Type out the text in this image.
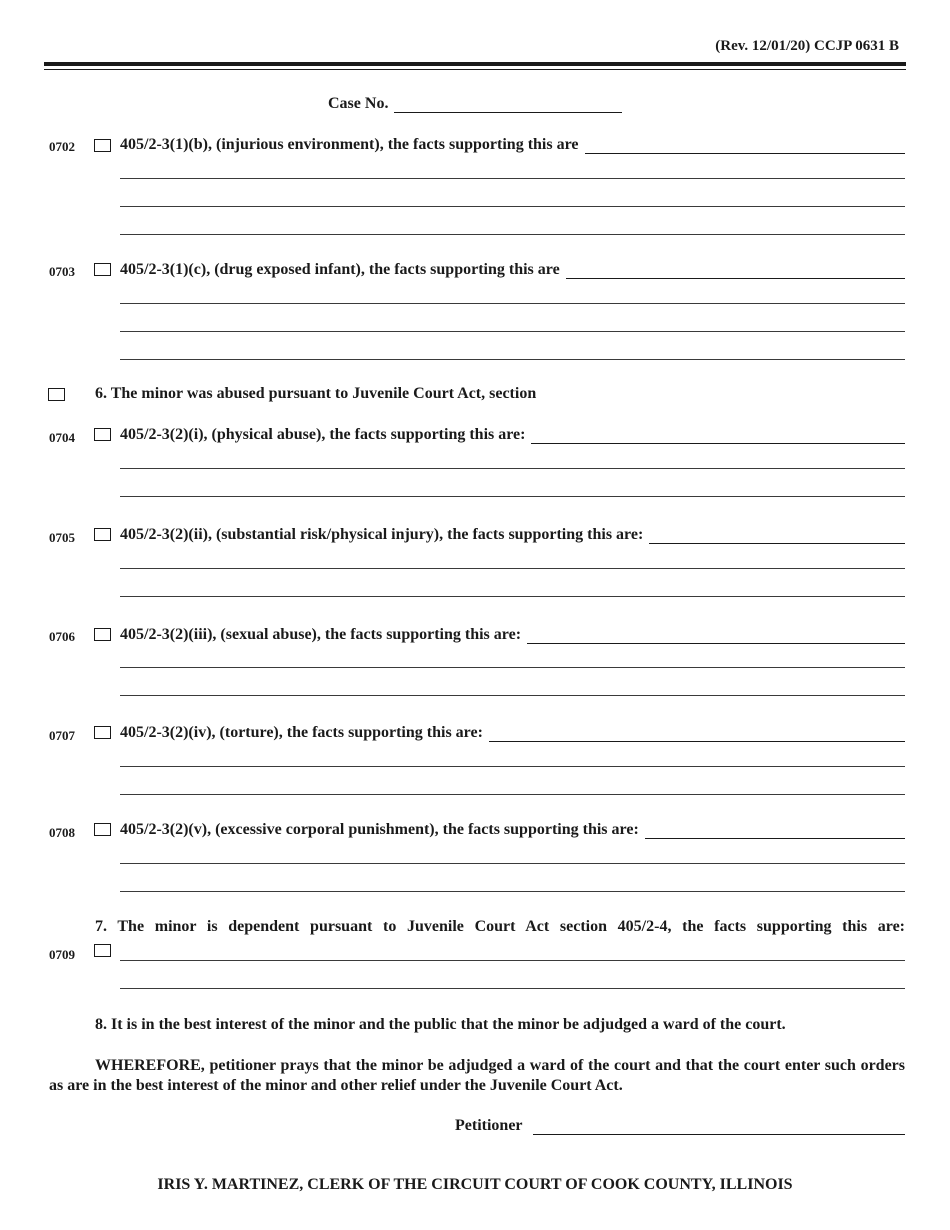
(Rev. 12/01/20) CCJP 0631 B
Case No.
0702	405/2-3(1)(b), (injurious environment), the facts supporting this are
0703	405/2-3(1)(c), (drug exposed infant), the facts supporting this are
6. The minor was abused pursuant to Juvenile Court Act, section
0704	405/2-3(2)(i), (physical abuse), the facts supporting this are:
0705	405/2-3(2)(ii), (substantial risk/physical injury), the facts supporting this are:
0706	405/2-3(2)(iii), (sexual abuse), the facts supporting this are:
0707	405/2-3(2)(iv), (torture), the facts supporting this are:
0708	405/2-3(2)(v), (excessive corporal punishment), the facts supporting this are:
7. The minor is dependent pursuant to Juvenile Court Act section 405/2-4, the facts supporting this are:
0709
8. It is in the best interest of the minor and the public that the minor be adjudged a ward of the court.
WHEREFORE, petitioner prays that the minor be adjudged a ward of the court and that the court enter such orders as are in the best interest of the minor and other relief under the Juvenile Court Act.
Petitioner
IRIS Y. MARTINEZ, CLERK OF THE CIRCUIT COURT OF COOK COUNTY, ILLINOIS
